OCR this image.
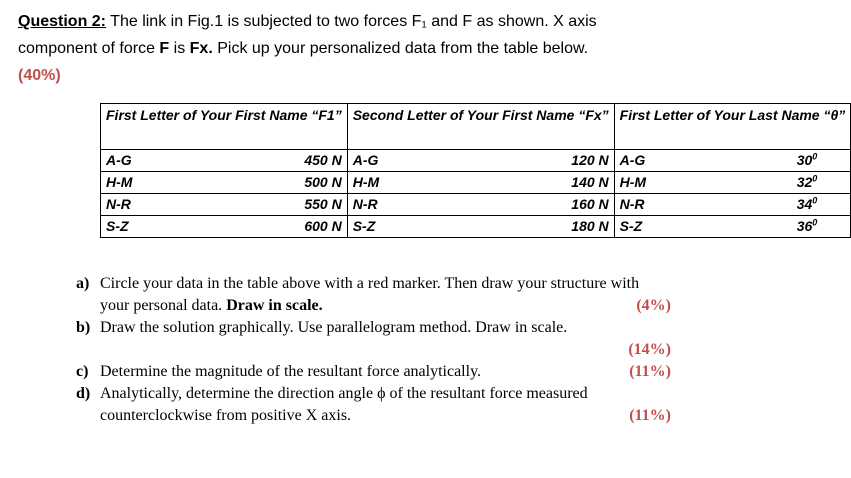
Question 2: The link in Fig.1 is subjected to two forces F₁ and F as shown. X axis component of force F is Fx. Pick up your personalized data from the table below.
(40%)
First Letter of Your First Name “F1”	Second Letter of Your First Name “Fx”	First Letter of Your Last Name “θ”

A-G 450 N	A-G 120 N	A-G $30^0$

H-M 500 N	H-M 140 N	H-M $32^0$

N-R 550 N	N-R 160 N	N-R $34^0$

S-Z 600 N	S-Z 180 N	S-Z $36^0$
a) Circle your data in the table above with a red marker. Then draw your structure with your personal data. Draw in scale.	(4%)
b) Draw the solution graphically. Use parallelogram method. Draw in scale.
(14%)
c) Determine the magnitude of the resultant force analytically.	(11%)
d) Analytically, determine the direction angle ϕ of the resultant force measured counterclockwise from positive X axis.	(11%)
